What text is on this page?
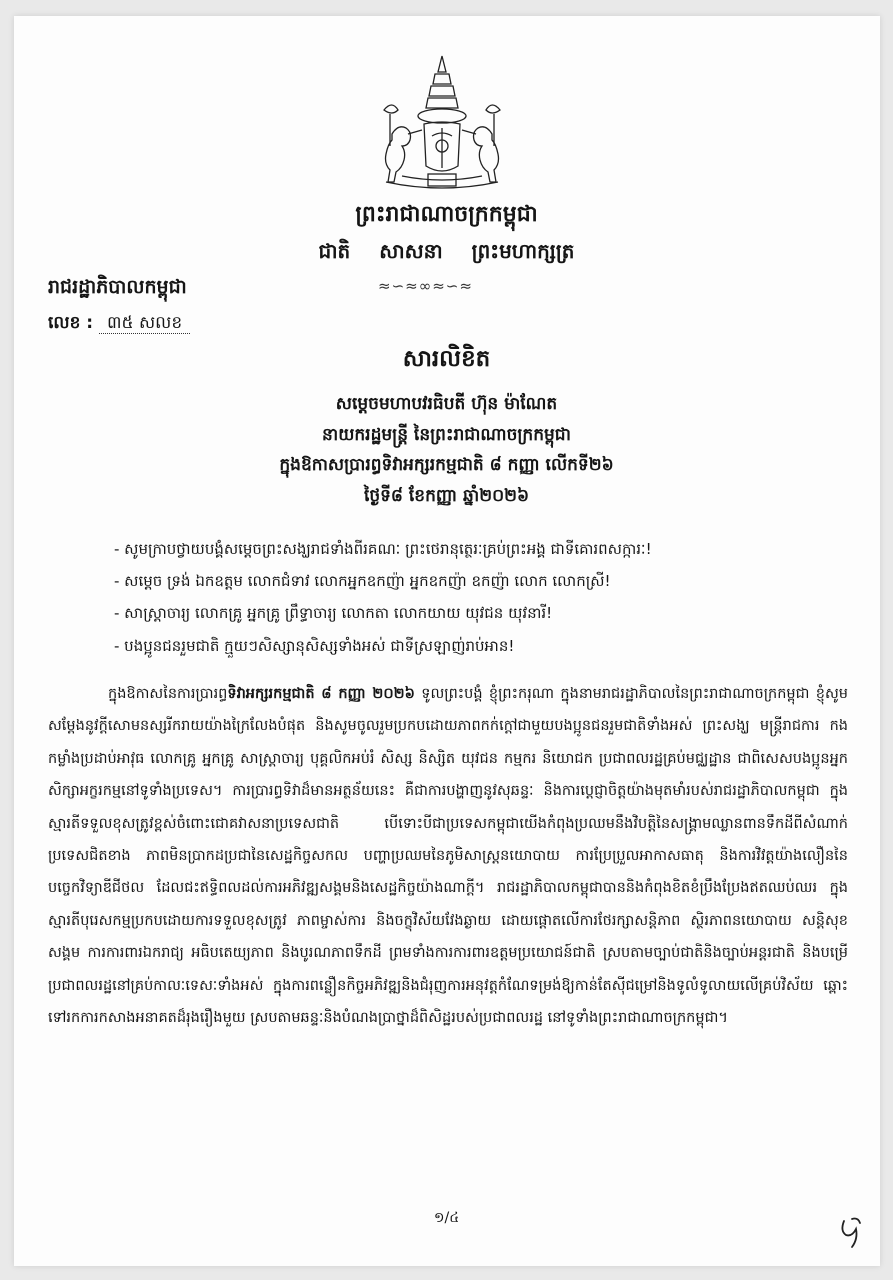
ព្រះរាជាណាចក្រកម្ពុជា
ជាតិ សាសនា ព្រះមហាក្សត្រ
≈∽≈∞≈∽≈
រាជរដ្ឋាភិបាលកម្ពុជា
លេខ : ៣៥ សលខ
សារលិខិត
សម្តេចមហាបវរធិបតី ហ៊ុន ម៉ាណែត
នាយករដ្ឋមន្ត្រី នៃព្រះរាជាណាចក្រកម្ពុជា
ក្នុងឱកាសប្រារព្ធទិវាអក្សរកម្មជាតិ ៨ កញ្ញា លើកទី២៦
ថ្ងៃទី៨ ខែកញ្ញា ឆ្នាំ២០២៦
- សូមក្រាបថ្វាយបង្គំសម្តេចព្រះសង្ឃរាជទាំងពីរគណៈ ព្រះថេរានុត្ថេរៈគ្រប់ព្រះអង្គ ជាទីគោរពសក្ការៈ!
- សម្តេច ទ្រង់ ឯកឧត្តម លោកជំទាវ លោកអ្នកឧកញ៉ា អ្នកឧកញ៉ា ឧកញ៉ា លោក លោកស្រី!
- សាស្ត្រាចារ្យ លោកគ្រូ អ្នកគ្រូ ព្រឹទ្ធាចារ្យ លោកតា លោកយាយ យុវជន យុវនារី!
- បងប្អូនជនរួមជាតិ ក្មួយៗសិស្សានុសិស្សទាំងអស់ ជាទីស្រឡាញ់រាប់អាន!
ក្នុងឱកាសនៃការប្រារព្ធទិវាអក្សរកម្មជាតិ ៨ កញ្ញា ២០២៦ ទូលព្រះបង្គំ ខ្ញុំព្រះករុណា ក្នុងនាមរាជរដ្ឋាភិបាលនៃព្រះរាជាណាចក្រកម្ពុជា ខ្ញុំសូមសម្តែងនូវក្តីសោមនស្សរីករាយយ៉ាងក្រៃលែងបំផុត និងសូមចូលរួមប្រកបដោយភាពកក់ក្តៅជាមួយបងប្អូនជនរួមជាតិទាំងអស់ ព្រះសង្ឃ មន្ត្រីរាជការ កងកម្លាំងប្រដាប់អាវុធ លោកគ្រូ អ្នកគ្រូ សាស្ត្រាចារ្យ បុគ្គលិកអប់រំ សិស្ស និស្សិត យុវជន កម្មករ និយោជក ប្រជាពលរដ្ឋគ្រប់មជ្ឈដ្ឋាន ជាពិសេសបងប្អូនអ្នកសិក្សាអក្ខរកម្មនៅទូទាំងប្រទេស។ ការប្រារព្ធទិវាដ៏មានអត្ថន័យនេះ គឺជាការបង្ហាញនូវសុឆន្ទៈ និងការប្តេជ្ញាចិត្តយ៉ាងមុតមាំរបស់រាជរដ្ឋាភិបាលកម្ពុជា ក្នុងស្មារតីទទួលខុសត្រូវខ្ពស់ចំពោះជោគវាសនាប្រទេសជាតិ បើទោះបីជាប្រទេសកម្ពុជាយើងកំពុងប្រឈមនឹងវិបត្តិនៃសង្គ្រាមឈ្លានពានទឹកដីពីសំណាក់ប្រទេសជិតខាង ភាពមិនប្រាកដប្រជានៃសេដ្ឋកិច្ចសកល បញ្ហាប្រឈមនៃភូមិសាស្ត្រនយោបាយ ការប្រែប្រួលអាកាសធាតុ និងការវិវត្តយ៉ាងលឿននៃបច្ចេកវិទ្យាឌីជីថល ដែលជះឥទ្ធិពលដល់ការអភិវឌ្ឍសង្គមនិងសេដ្ឋកិច្ចយ៉ាងណាក្តី។ រាជរដ្ឋាភិបាលកម្ពុជាបាននិងកំពុងខិតខំប្រឹងប្រែងឥតឈប់ឈរ ក្នុងស្មារតីបុរេសកម្មប្រកបដោយការទទួលខុសត្រូវ ភាពម្ចាស់ការ និងចក្ខុវិស័យវែងឆ្ងាយ ដោយផ្តោតលើការថែរក្សាសន្តិភាព ស្ថិរភាពនយោបាយ សន្តិសុខសង្គម ការការពារឯករាជ្យ អធិបតេយ្យភាព និងបូរណភាពទឹកដី ព្រមទាំងការការពារឧត្តមប្រយោជន៍ជាតិ ស្របតាមច្បាប់ជាតិនិងច្បាប់អន្តរជាតិ និងបម្រើប្រជាពលរដ្ឋនៅគ្រប់កាលៈទេសៈទាំងអស់ ក្នុងការពន្លឿនកិច្ចអភិវឌ្ឍនិងជំរុញការអនុវត្តកំណែទម្រង់ឱ្យកាន់តែស៊ីជម្រៅនិងទូលំទូលាយលើគ្រប់វិស័យ ឆ្ពោះទៅរកការកសាងអនាគតដ៏រុងរឿងមួយ ស្របតាមឆន្ទៈនិងបំណងប្រាថ្នាដ៏ពិសិដ្ឋរបស់ប្រជាពលរដ្ឋ នៅទូទាំងព្រះរាជាណាចក្រកម្ពុជា។
១/៤
